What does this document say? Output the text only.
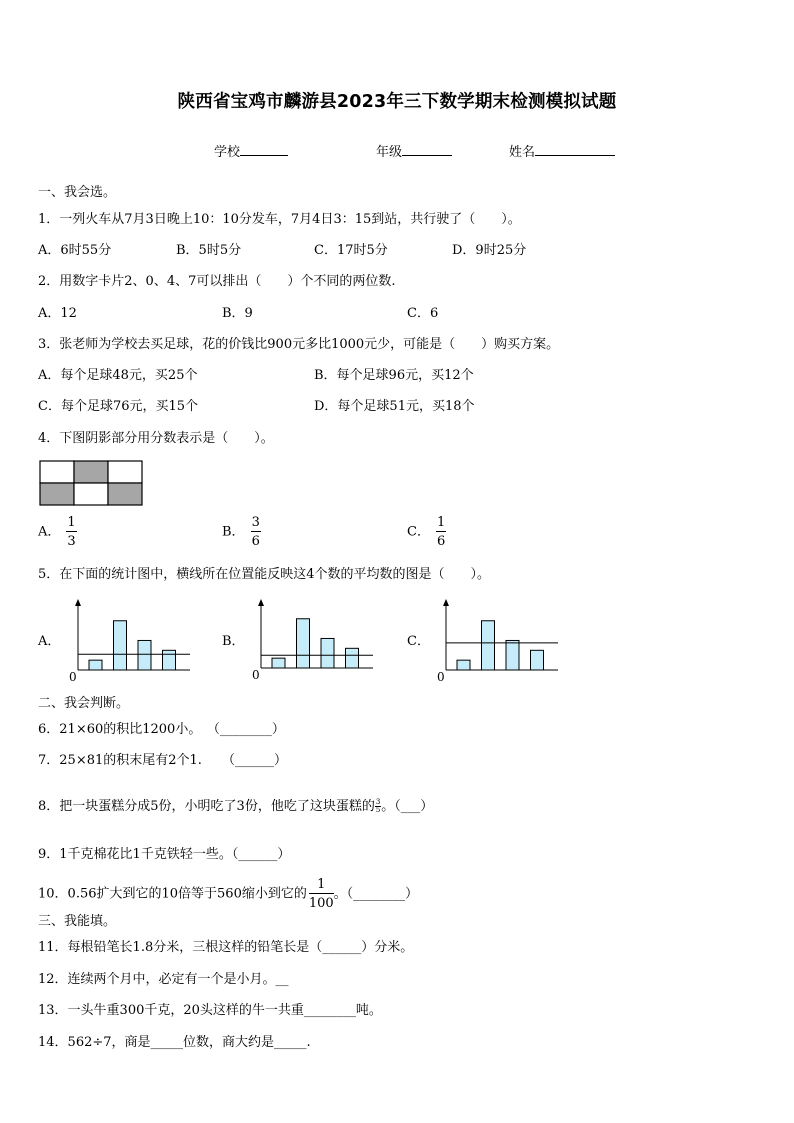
陕西省宝鸡市麟游县2023年三下数学期末检测模拟试题
学校	年级	姓名
一、我会选。
1．一列火车从7月3日晚上10：10分发车，7月4日3：15到站，共行驶了（　　）。
A．6时55分	B．5时5分	C．17时5分	D．9时25分
2．用数字卡片2、0、4、7可以排出（　　）个不同的两位数.
A．12	B．9	C．6
3．张老师为学校去买足球，花的价钱比900元多比1000元少，可能是（　　）购买方案。
A．每个足球48元，买25个	B．每个足球96元，买12个
C．每个足球76元，买15个	D．每个足球51元，买18个
4．下图阴影部分用分数表示是（　　）。
A． $\frac{1}{3}$	B． $\frac{3}{6}$	C． $\frac{1}{6}$
5．在下面的统计图中，横线所在位置能反映这4个数的平均数的图是（　　）。
A．	B．	C．
0	0	0
二、我会判断。
6．21×60的积比1200小。 （________）
7．25×81的积末尾有2个1. （______）
8．把一块蛋糕分成5份，小明吃了3份，他吃了这块蛋糕的 $\frac{3}{5}$ 。（___）
9．1千克棉花比1千克铁轻一些。（______）
10．0.56扩大到它的10倍等于560缩小到它的 $\frac{1}{100}$ 。（________）
三、我能填。
11．每根铅笔长1.8分米，三根这样的铅笔长是（______）分米。
12．连续两个月中，必定有一个是小月。__
13．一头牛重300千克，20头这样的牛一共重________吨。
14．562÷7，商是_____位数，商大约是_____.
